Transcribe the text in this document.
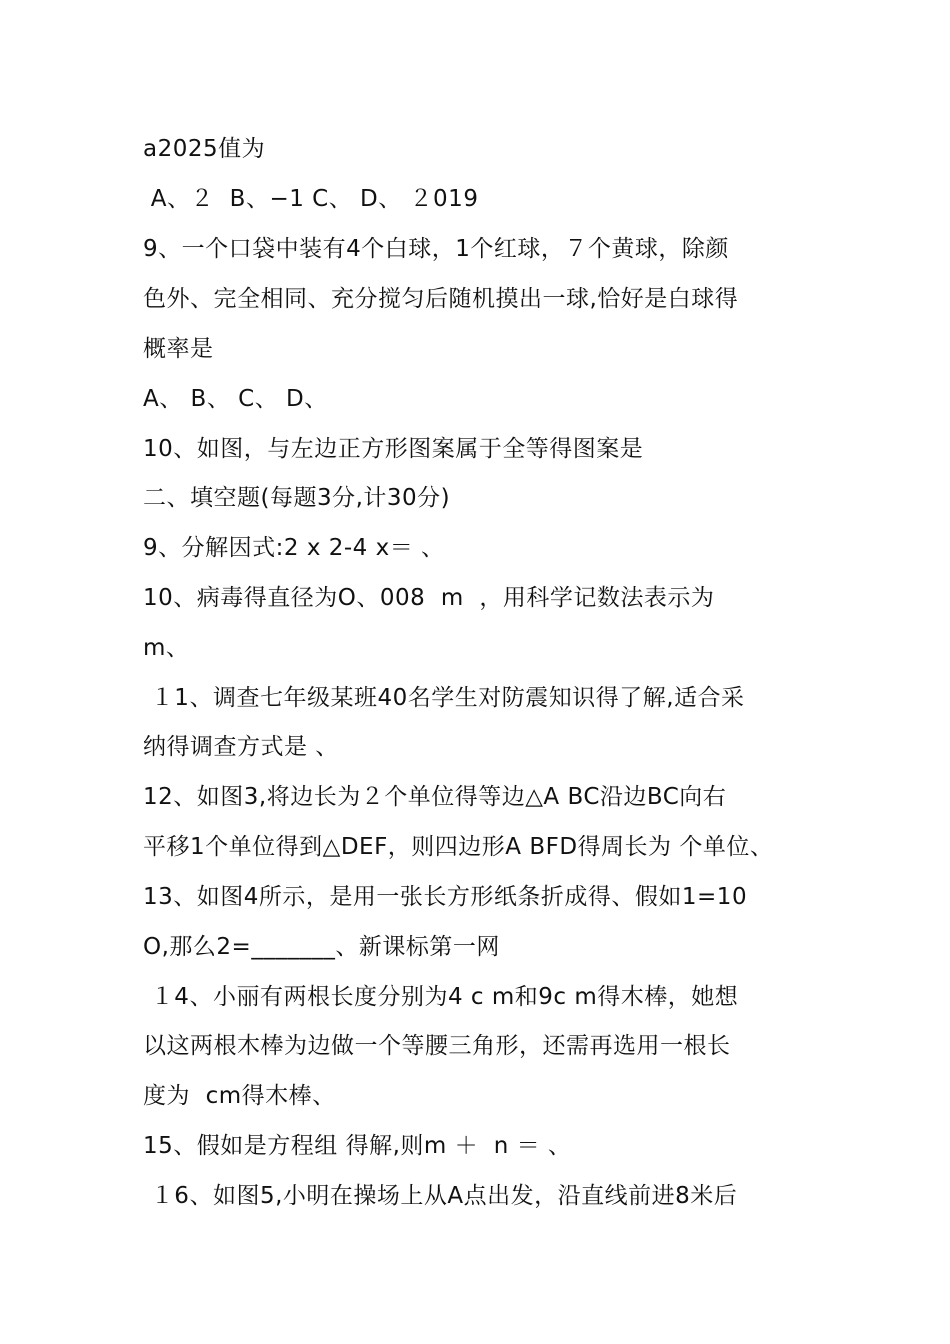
a2025值为
A、２  B、−1 C、 D、 ２019
9、一个口袋中装有4个白球，1个红球，７个黄球，除颜
色外、完全相同、充分搅匀后随机摸出一球,恰好是白球得
概率是
A、 B、 C、 D、
10、如图，与左边正方形图案属于全等得图案是
二、填空题(每题3分,计30分)
9、分解因式:2 x 2-4 x＝ 、
10、病毒得直径为O、008  m  ，用科学记数法表示为
m、
１1、调查七年级某班40名学生对防震知识得了解,适合采
纳得调查方式是 、
12、如图3,将边长为２个单位得等边△A BC沿边BC向右
平移1个单位得到△DEF，则四边形A BFD得周长为 个单位、
13、如图4所示，是用一张长方形纸条折成得、假如1=10
O,那么2=_______、新课标第一网
１4、小丽有两根长度分别为4 c m和9c m得木棒，她想
以这两根木棒为边做一个等腰三角形，还需再选用一根长
度为  cm得木棒、
15、假如是方程组 得解,则m ＋  n ＝ 、
１6、如图5,小明在操场上从A点出发，沿直线前进8米后
